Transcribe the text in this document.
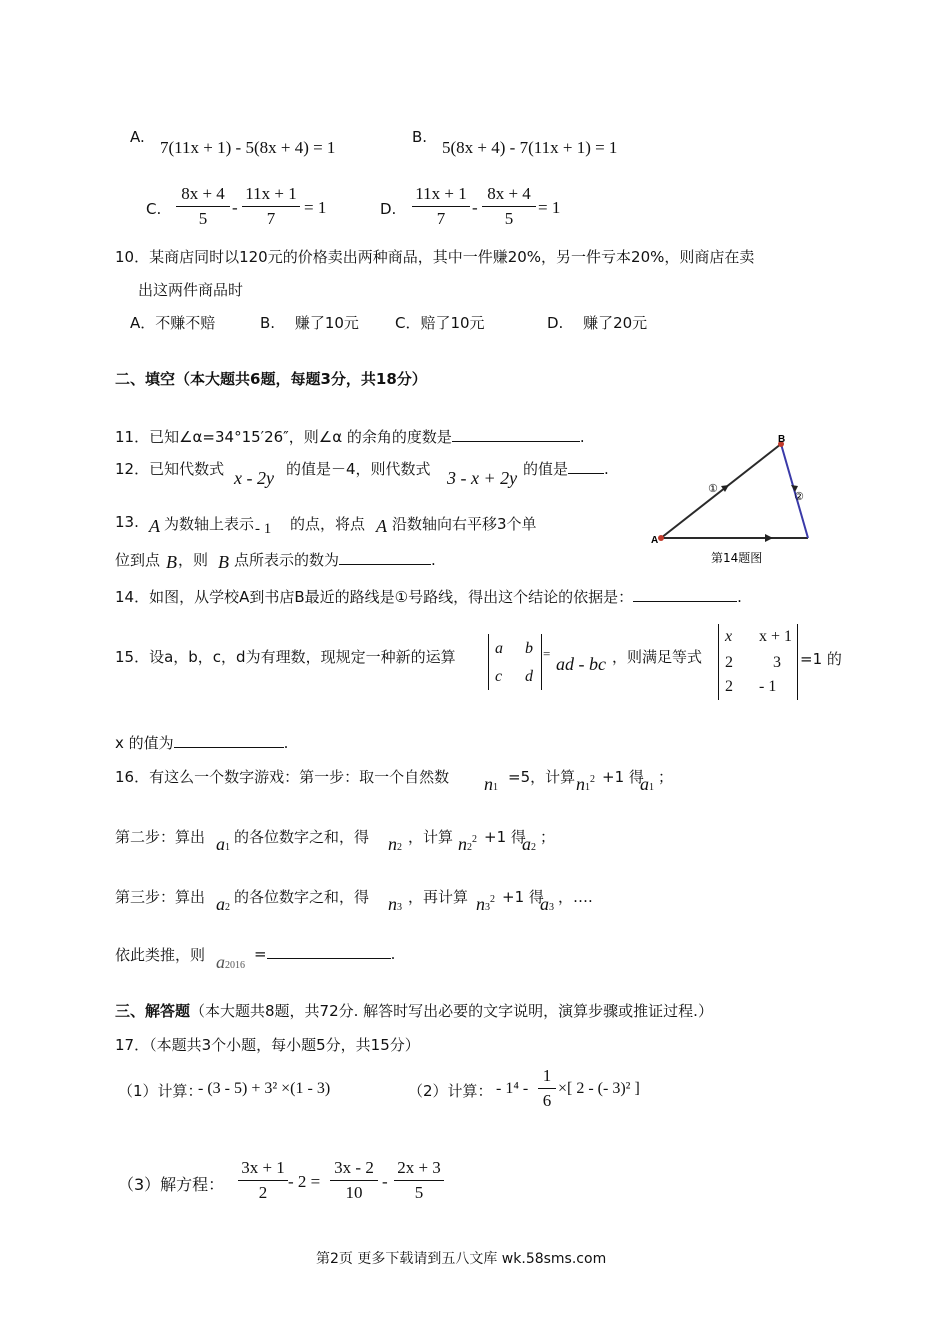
A.
7(11x + 1) - 5(8x + 4) = 1
B.
5(8x + 4) - 7(11x + 1) = 1
C.
8x + 4
5
-
11x + 1
7
= 1	D.
11x + 1
7
-
8x + 4
5
= 1
10．某商店同时以120元的价格卖出两种商品，其中一件赚20%，另一件亏本20%，则商店在卖
出这两件商品时
A．不赚不赔	B.　 赚了10元 C．赔了10元	D.　 赚了20元
二、填空（本大题共6题，每题3分，共18分）
11．已知∠α=34°15′26″，则∠α 的余角的度数是	.
12．已知代数式 x - 2y 的值是－4，则代数式 3 - x + 2y 的值是 .
13. A 为数轴上表示 - 1 的点，将点 A 沿数轴向右平移3个单
位到点 B ，则 B 点所表示的数为	.
A
B
①
②
第14题图
14．如图，从学校A到书店B最近的路线是①号路线，得出这个结论的依据是：	.
15．设a，b，c，d为有理数，现规定一种新的运算 a b
c d
=
ad - bc ，则满足等式
x x + 1
2	3
2 - 1
=1 的
x 的值为	.
16．有这么一个数字游戏：第一步：取一个自然数 n1
=5，计算 $n1^2 +1$ 得
a1
；
第二步：算出 a1
的各位数字之和，得 n2
，计算 $n2^2 +1$ 得
a2
；
第三步：算出 a2
的各位数字之和，得 n3
，再计算 $n3^2 +1$ 得
a3
，….
依此类推，则 a2016
=	.
三、解答题（本大题共8题，共72分. 解答时写出必要的文字说明，演算步骤或推证过程.）
17．（本题共3个小题，每小题5分，共15分）
（1）计算：
- (3 - 5) + 3² ×(1 - 3)	（2）计算： - 1⁴ -
1
6
×[ 2 - (- 3)² ]
（3）解方程：
3x + 1
2
- 2 =
3x - 2
10
-
2x + 3
5
第2页 更多下载请到五八文库 wk.58sms.com
